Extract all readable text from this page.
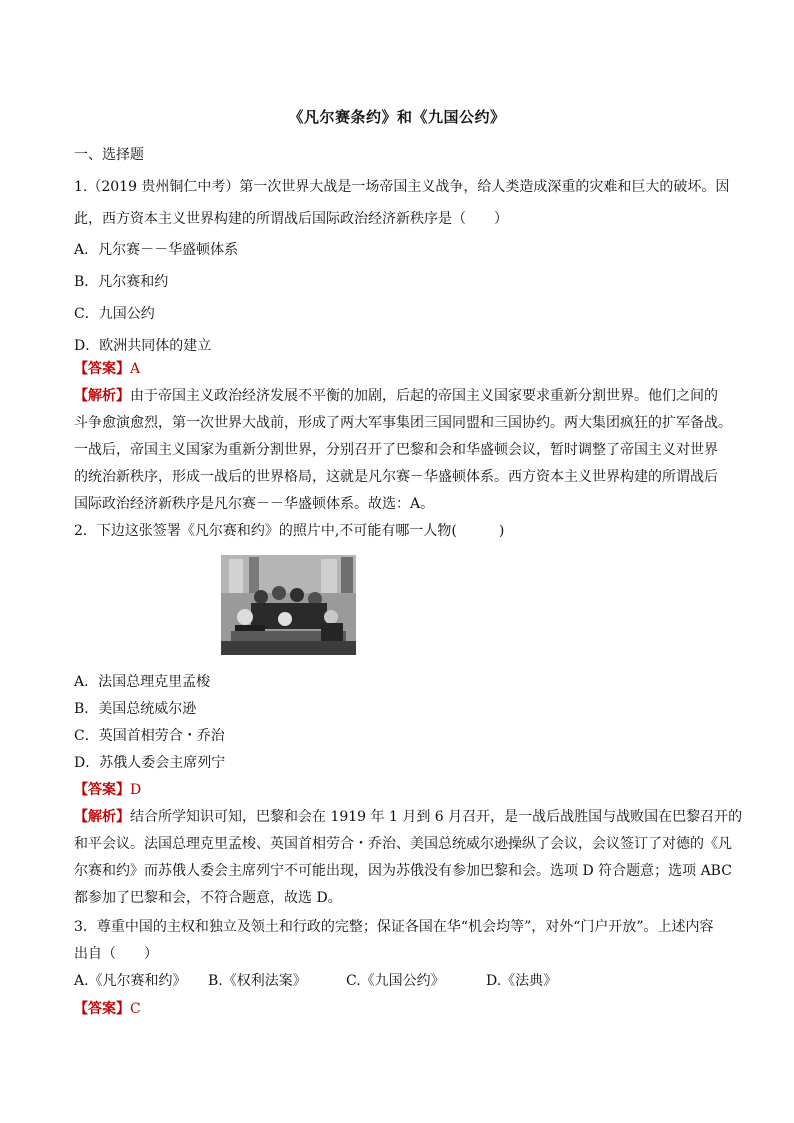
《凡尔赛条约》和《九国公约》
一、选择题
1.（2019 贵州铜仁中考）第一次世界大战是一场帝国主义战争，给人类造成深重的灾难和巨大的破坏。因
此，西方资本主义世界构建的所谓战后国际政治经济新秩序是（　　）
A．凡尔赛－－华盛顿体系
B．凡尔赛和约
C．九国公约
D．欧洲共同体的建立
【答案】A
【解析】由于帝国主义政治经济发展不平衡的加剧，后起的帝国主义国家要求重新分割世界。他们之间的
斗争愈演愈烈，第一次世界大战前，形成了两大军事集团三国同盟和三国协约。两大集团疯狂的扩军备战。
一战后，帝国主义国家为重新分割世界，分别召开了巴黎和会和华盛顿会议，暂时调整了帝国主义对世界
的统治新秩序，形成一战后的世界格局，这就是凡尔赛－华盛顿体系。西方资本主义世界构建的所谓战后
国际政治经济新秩序是凡尔赛－－华盛顿体系。故选：A。
2．下边这张签署《凡尔赛和约》的照片中,不可能有哪一人物(　　　)
A．法国总理克里孟梭
B．美国总统威尔逊
C．英国首相劳合・乔治
D．苏俄人委会主席列宁
【答案】D
【解析】结合所学知识可知，巴黎和会在 1919 年 1 月到 6 月召开，是一战后战胜国与战败国在巴黎召开的
和平会议。法国总理克里孟梭、英国首相劳合・乔治、美国总统威尔逊操纵了会议，会议签订了对德的《凡
尔赛和约》而苏俄人委会主席列宁不可能出现，因为苏俄没有参加巴黎和会。选项 D 符合题意；选项 ABC
都参加了巴黎和会，不符合题意，故选 D。
3．尊重中国的主权和独立及领土和行政的完整；保证各国在华“机会均等”，对外“门户开放”。上述内容
出自（　　）
A.《凡尔赛和约》 B.《权利法案》	C.《九国公约》	D.《法典》
【答案】C
